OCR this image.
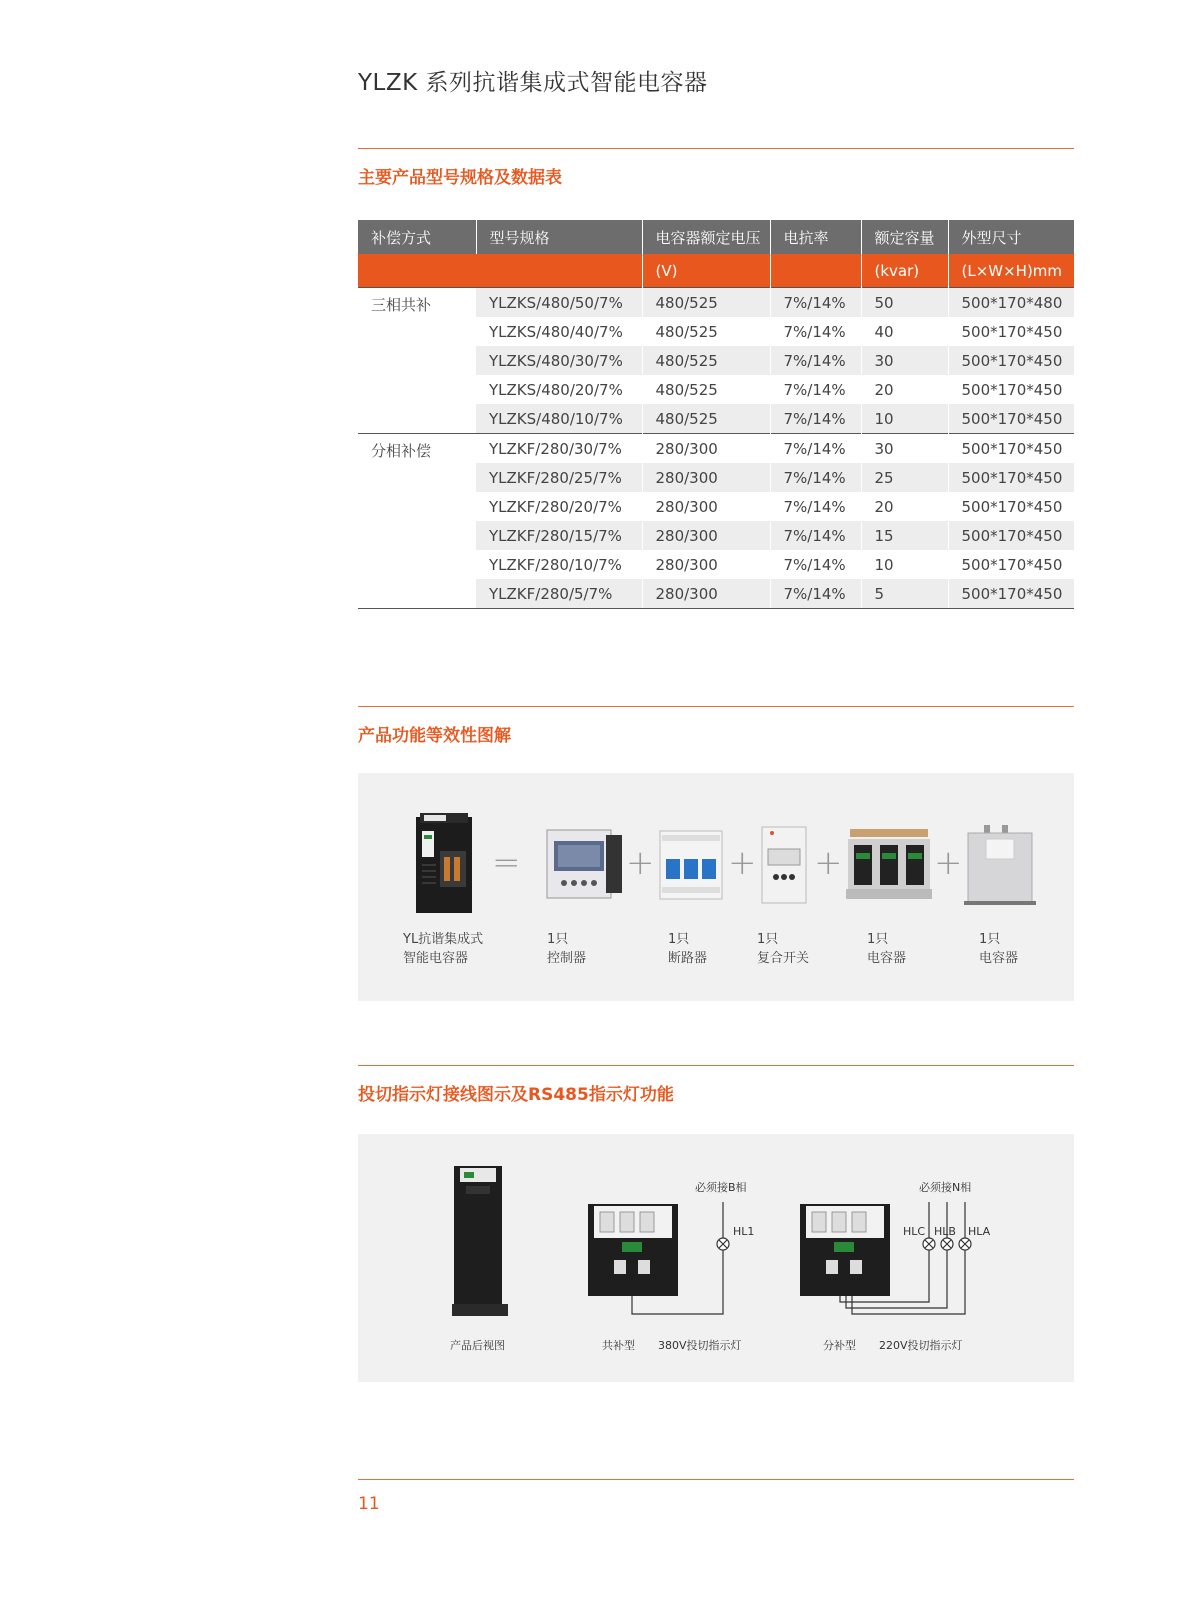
YLZK 系列抗谐集成式智能电容器
主要产品型号规格及数据表
补偿方式	型号规格	电容器额定电压	电抗率	额定容量	外型尺寸
		(V)		(kvar)	(L×W×H)mm
三相共补	YLZKS/480/50/7%	480/525	7%/14%	50	500*170*480
	YLZKS/480/40/7%	480/525	7%/14%	40	500*170*450
	YLZKS/480/30/7%	480/525	7%/14%	30	500*170*450
	YLZKS/480/20/7%	480/525	7%/14%	20	500*170*450
	YLZKS/480/10/7%	480/525	7%/14%	10	500*170*450
分相补偿	YLZKF/280/30/7%	280/300	7%/14%	30	500*170*450
	YLZKF/280/25/7%	280/300	7%/14%	25	500*170*450
	YLZKF/280/20/7%	280/300	7%/14%	20	500*170*450
	YLZKF/280/15/7%	280/300	7%/14%	15	500*170*450
	YLZKF/280/10/7%	280/300	7%/14%	10	500*170*450
	YLZKF/280/5/7%	280/300	7%/14%	5	500*170*450
产品功能等效性图解
=	+ + +	+
YL抗谐集成式
智能电容器
1只
控制器
1只
断路器
1只
复合开关
1只
电容器
1只
电容器
投切指示灯接线图示及RS485指示灯功能
必须接B相
HL1
必须接N相
HLC HLB HLA
产品后视图	共补型 380V投切指示灯	分补型 220V投切指示灯
11
